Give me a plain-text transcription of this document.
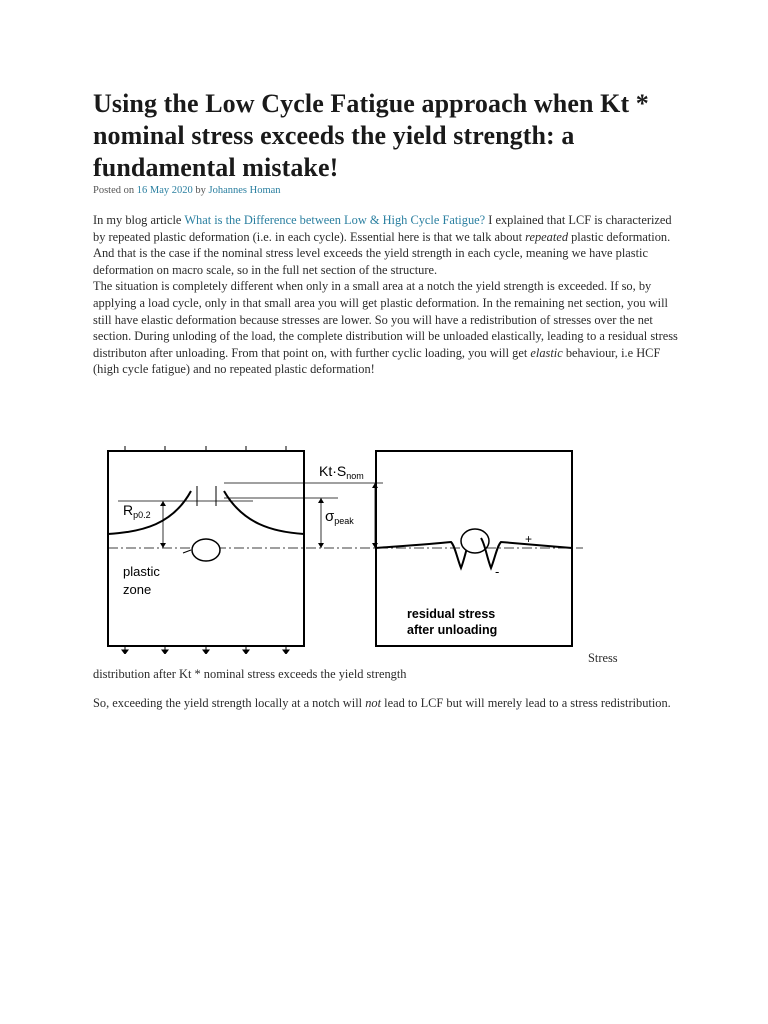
Using the Low Cycle Fatigue approach when Kt * nominal stress exceeds the yield strength: a fundamental mistake!
Posted on 16 May 2020 by Johannes Homan
In my blog article What is the Difference between Low & High Cycle Fatigue? I explained that LCF is characterized by repeated plastic deformation (i.e. in each cycle). Essential here is that we talk about repeated plastic deformation. And that is the case if the nominal stress level exceeds the yield strength in each cycle, meaning we have plastic deformation on macro scale, so in the full net section of the structure.
The situation is completely different when only in a small area at a notch the yield strength is exceeded. If so, by applying a load cycle, only in that small area you will get plastic deformation. In the remaining net section, you will still have elastic deformation because stresses are lower. So you will have a redistribution of stresses over the net section. During unloding of the load, the complete distribution will be unloaded elastically, leading to a residual stress distributon after unloading. From that point on, with further cyclic loading, you will get elastic behaviour, i.e HCF (high cycle fatigue) and no repeated plastic deformation!
$Kt\cdot S_{nom}$
$R_{p0.2}$	$\sigma_{peak}$
plastic
zone
+
-
residual stress
after unloading
Stress
distribution after Kt * nominal stress exceeds the yield strength
So, exceeding the yield strength locally at a notch will not lead to LCF but will merely lead to a stress redistribution.
